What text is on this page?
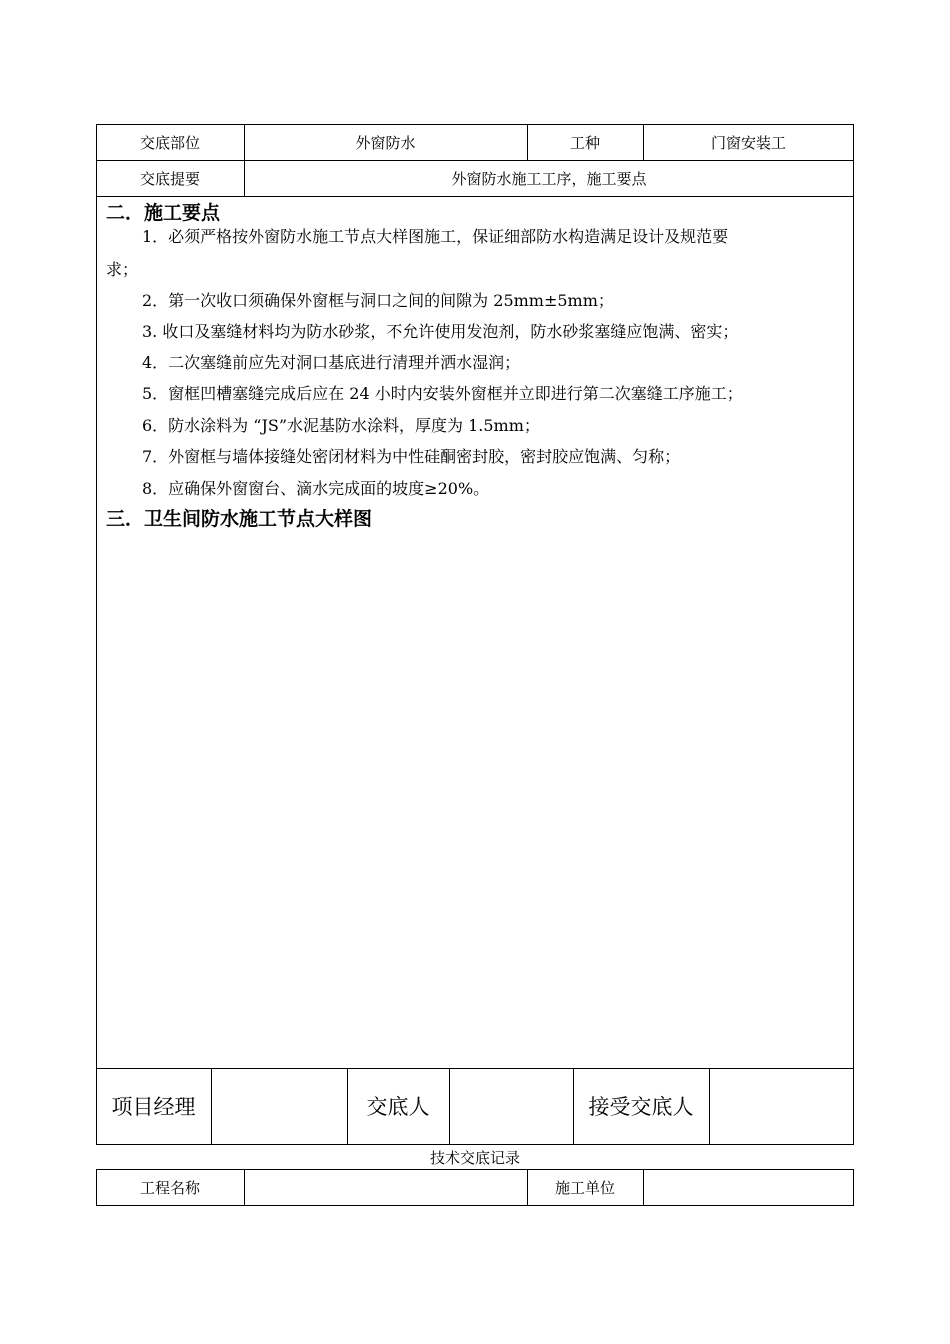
交底部位	外窗防水	工种	门窗安装工
交底提要	外窗防水施工工序，施工要点
二．施工要点
1．必须严格按外窗防水施工节点大样图施工，保证细部防水构造满足设计及规范要
求；
2．第一次收口须确保外窗框与洞口之间的间隙为 25mm±5mm；
3. 收口及塞缝材料均为防水砂浆，不允许使用发泡剂，防水砂浆塞缝应饱满、密实；
4．二次塞缝前应先对洞口基底进行清理并洒水湿润；
5．窗框凹槽塞缝完成后应在 24 小时内安装外窗框并立即进行第二次塞缝工序施工；
6．防水涂料为 “JS”水泥基防水涂料，厚度为 1.5mm；
7．外窗框与墙体接缝处密闭材料为中性硅酮密封胶，密封胶应饱满、匀称；
8．应确保外窗窗台、滴水完成面的坡度≥20%。
三．卫生间防水施工节点大样图
项目经理	交底人	接受交底人
技术交底记录
工程名称	施工单位
